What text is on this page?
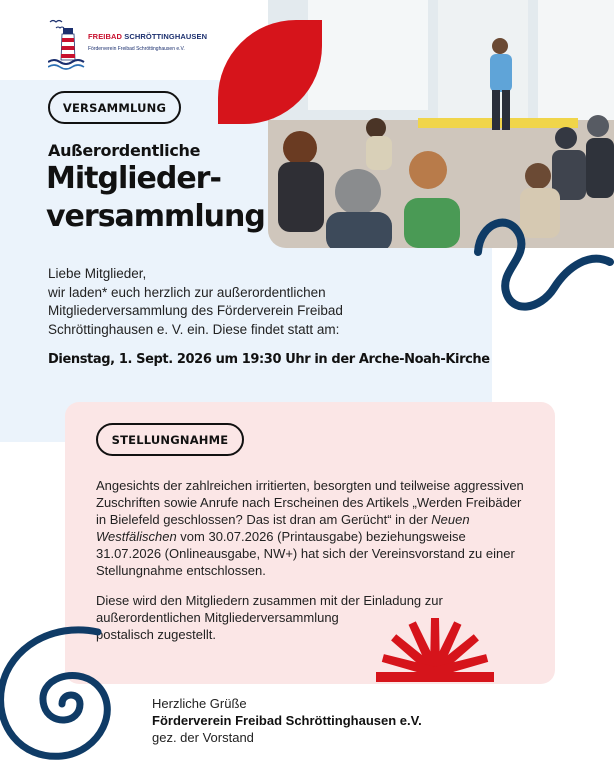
FREIBAD SCHRÖTTINGHAUSEN
Förderverein Freibad Schröttinghausen e.V.
VERSAMMLUNG
Außerordentliche
Mitglieder-
versammlung
Liebe Mitglieder,
wir laden* euch herzlich zur außerordentlichen
Mitgliederversammlung des Förderverein Freibad
Schröttinghausen e. V. ein. Diese findet statt am:
Dienstag, 1. Sept. 2026 um 19:30 Uhr in der Arche-Noah-Kirche
STELLUNGNAHME
Angesichts der zahlreichen irritierten, besorgten und teilweise aggressiven Zuschriften sowie Anrufe nach Erscheinen des Artikels „Werden Freibäder in Bielefeld geschlossen? Das ist dran am Gerücht“ in der Neuen Westfälischen vom 30.07.2026 (Printausgabe) beziehungsweise 31.07.2026 (Onlineausgabe, NW+) hat sich der Vereinsvorstand zu einer Stellungnahme entschlossen.
Diese wird den Mitgliedern zusammen mit der Einladung zur
außerordentlichen Mitgliederversammlung
postalisch zugestellt.
Herzliche Grüße
Förderverein Freibad Schröttinghausen e.V.
gez. der Vorstand
